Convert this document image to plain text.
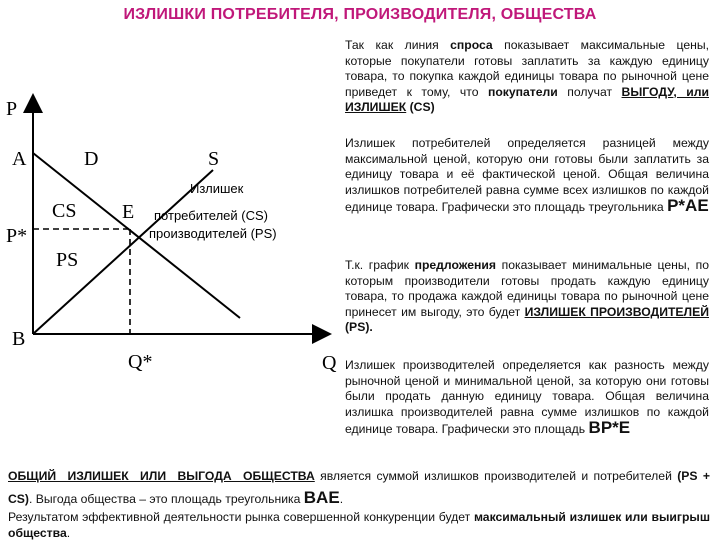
ИЗЛИШКИ ПОТРЕБИТЕЛЯ, ПРОИЗВОДИТЕЛЯ, ОБЩЕСТВА
P
Q
A
B
D	S
E
P*
Q*
CS
PS
Излишек
потребителей (CS)
производителей (PS)

Так как линия спроса показывает максимальные цены, которые покупатели готовы заплатить за каждую единицу товара, то покупка каждой единицы товара по рыночной цене приведет к тому, что покупатели получат ВЫГОДУ, или ИЗЛИШЕК (CS)

Излишек потребителей определяется разницей между максимальной ценой, которую они готовы были заплатить за единицу товара и её фактической ценой. Общая величина излишков потребителей равна сумме всех излишков по каждой единице товара. Графически это площадь треугольника P*AE

Т.к. график предложения показывает минимальные цены, по которым производители готовы продать каждую единицу товара, то продажа каждой единицы товара по рыночной цене принесет им выгоду, это будет ИЗЛИШЕК ПРОИЗВОДИТЕЛЕЙ (PS).

Излишек производителей определяется как разность между рыночной ценой и минимальной ценой, за которую они готовы были продать данную единицу товара. Общая величина излишка производителей равна сумме излишков по каждой единице товара. Графически это площадь BP*E

ОБЩИЙ ИЗЛИШЕК ИЛИ ВЫГОДА ОБЩЕСТВА является суммой излишков производителей и потребителей (PS + CS). Выгода общества – это площадь треугольника BAE.

Результатом эффективной деятельности рынка совершенной конкуренции будет максимальный излишек или выигрыш общества.
